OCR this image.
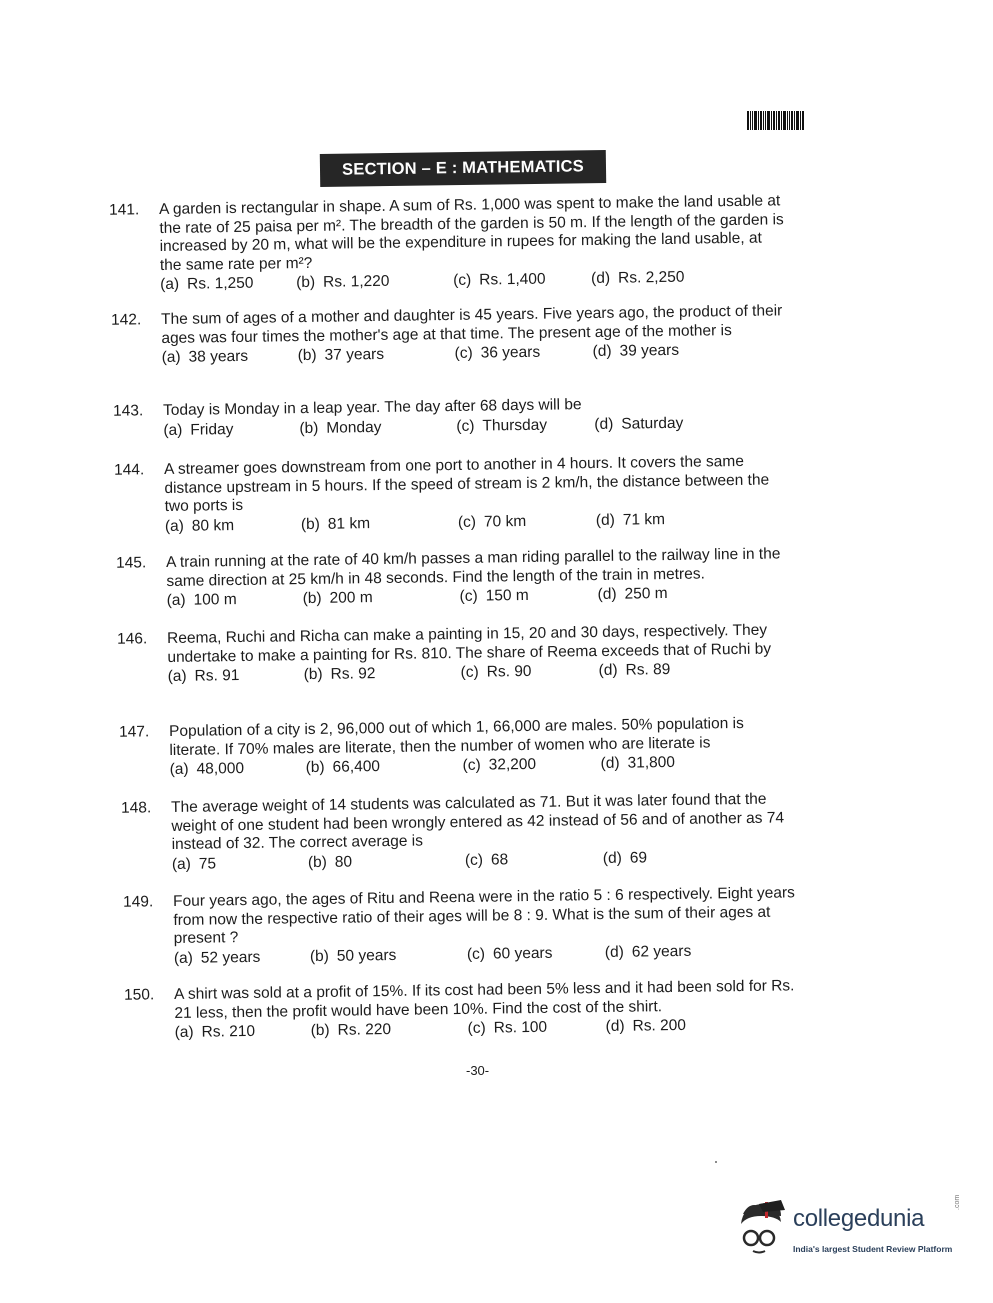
SECTION – E : MATHEMATICS
141. A garden is rectangular in shape. A sum of Rs. 1,000 was spent to make the land usable at the rate of 25 paisa per m². The breadth of the garden is 50 m. If the length of the garden is increased by 20 m, what will be the expenditure in rupees for making the land usable, at the same rate per m²?

(a) Rs. 1,250	(b) Rs. 1,220	(c) Rs. 1,400	(d) Rs. 2,250
142. The sum of ages of a mother and daughter is 45 years. Five years ago, the product of their ages was four times the mother's age at that time. The present age of the mother is

(a) 38 years	(b) 37 years	(c) 36 years	(d) 39 years
143. Today is Monday in a leap year. The day after 68 days will be

(a) Friday	(b) Monday	(c) Thursday	(d) Saturday
144. A streamer goes downstream from one port to another in 4 hours. It covers the same distance upstream in 5 hours. If the speed of stream is 2 km/h, the distance between the two ports is

(a) 80 km	(b) 81 km	(c) 70 km	(d) 71 km
145. A train running at the rate of 40 km/h passes a man riding parallel to the railway line in the same direction at 25 km/h in 48 seconds. Find the length of the train in metres.

(a) 100 m	(b) 200 m	(c) 150 m	(d) 250 m
146. Reema, Ruchi and Richa can make a painting in 15, 20 and 30 days, respectively. They undertake to make a painting for Rs. 810. The share of Reema exceeds that of Ruchi by

(a) Rs. 91	(b) Rs. 92	(c) Rs. 90	(d) Rs. 89
147. Population of a city is 2, 96,000 out of which 1, 66,000 are males. 50% population is literate. If 70% males are literate, then the number of women who are literate is

(a) 48,000	(b) 66,400	(c) 32,200	(d) 31,800
148. The average weight of 14 students was calculated as 71. But it was later found that the weight of one student had been wrongly entered as 42 instead of 56 and of another as 74 instead of 32. The correct average is

(a) 75	(b) 80	(c) 68	(d) 69
149. Four years ago, the ages of Ritu and Reena were in the ratio 5 : 6 respectively. Eight years from now the respective ratio of their ages will be 8 : 9. What is the sum of their ages at present ?

(a) 52 years	(b) 50 years	(c) 60 years	(d) 62 years
150. A shirt was sold at a profit of 15%. If its cost had been 5% less and it had been sold for Rs. 21 less, then the profit would have been 10%. Find the cost of the shirt.

(a) Rs. 210	(b) Rs. 220	(c) Rs. 100	(d) Rs. 200
-30-
collegedunia
.com
India's largest Student Review Platform
